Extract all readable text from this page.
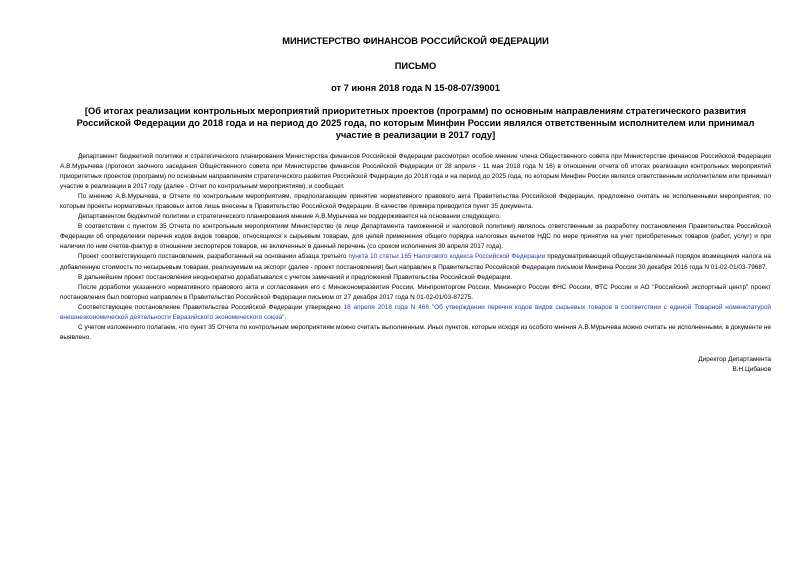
МИНИСТЕРСТВО ФИНАНСОВ РОССИЙСКОЙ ФЕДЕРАЦИИ
ПИСЬМО
от 7 июня 2018 года N 15-08-07/39001
[Об итогах реализации контрольных мероприятий приоритетных проектов (программ) по основным направлениям стратегического развития Российской Федерации до 2018 года и на период до 2025 года, по которым Минфин России являлся ответственным исполнителем или принимал участие в реализации в 2017 году]

Департамент бюджетной политики и стратегического планирования Министерства финансов Российской Федерации рассмотрел особое мнение члена Общественного совета при Министерстве финансов Российской Федерации А.В.Мурычева (протокол заочного заседания Общественного совета при Министерстве финансов Российской Федерации от 28 апреля - 11 мая 2018 года N 16) в отношении отчета об итогах реализации контрольных мероприятий приоритетных проектов (программ) по основным направлениям стратегического развития Российской Федерации до 2018 года и на период до 2025 года, по которым Минфин России являлся ответственным исполнителем или принимал участие в реализации в 2017 году (далее - Отчет по контрольным мероприятиям), и сообщает.

По мнению А.В.Мурычева, в Отчете по контрольным мероприятиям, предполагающим принятие нормативного правового акта Правительства Российской Федерации, предложено считать не исполненными мероприятия, по которым проекты нормативных правовых актов лишь внесены в Правительство Российской Федерации. В качестве примера приводится пункт 35 документа.

Департаментом бюджетной политики и стратегического планирования мнение А.В.Мурычева не поддерживается на основании следующего.

В соответствии с пунктом 35 Отчета по контрольным мероприятиям Министерство (в лице Департамента таможенной и налоговой политики) являлось ответственным за разработку постановления Правительства Российской Федерации об определении перечня кодов видов товаров, относящихся к сырьевым товарам, для целей применения общего порядка налоговых вычетов НДС по мере принятия на учет приобретенных товаров (работ, услуг) и при наличии по ним счетов-фактур в отношении экспортеров товаров, не включенных в данный перечень (со сроком исполнения 30 апреля 2017 года).

Проект соответствующего постановления, разработанный на основании абзаца третьего пункта 10 статьи 165 Налогового кодекса Российской Федерации предусматривающий общеустановленный порядок возмещения налога на добавленную стоимость по несырьевым товарам, реализуемым на экспорт (далее - проект постановления) был направлен в Правительство Российской Федерации письмом Минфина России 30 декабря 2016 года N 01-02-01/03-79687.

В дальнейшем проект постановления неоднократно дорабатывался с учетом замечаний и предложений Правительства Российской Федерации.

После доработки указанного нормативного правового акта и согласования его с Минэкономразвития России, Минпромторгом России, Минэнерго России ФНС России, ФТС России и АО "Российский экспортный центр" проект постановления был повторно направлен в Правительство Российской Федерации письмом от 27 декабря 2017 года N 01-02-01/03-87275.

Соответствующее постановление Правительства Российской Федерации утверждено 18 апреля 2018 года N 466 "Об утверждении перечня кодов видов сырьевых товаров в соответствии с единой Товарной номенклатурой внешнеэкономической деятельности Евразийского экономического союза".

С учетом изложенного полагаем, что пункт 35 Отчета по контрольным мероприятиям можно считать выполненным. Иных пунктов, которые исходя из особого мнения А.В.Мурычева можно считать не исполненными, в документе не выявлено.

Директор Департамента
В.Н.Цибанов
